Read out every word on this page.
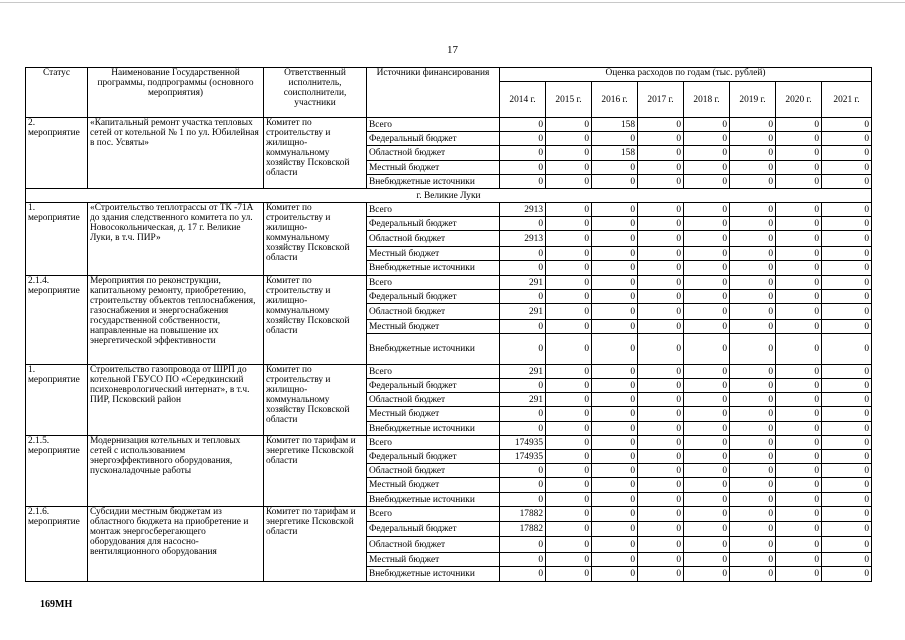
17
Статус	Наименование Государственной программы, подпрограммы (основного мероприятия)	Ответственный исполнитель, соисполнители, участники	Источники финансирования	Оценка расходов по годам (тыс. рублей)							
				2014 г.	2015 г.	2016 г.	2017 г.	2018 г.	2019 г.	2020 г.	2021 г.
2.
мероприятие	«Капитальный ремонт участка тепловых сетей от котельной № 1 по ул. Юбилейная в пос. Усвяты»	Комитет по строительству и жилищно-коммунальному хозяйству Псковской области	Всего	0	0	158	0	0	0	0	0
			Федеральный бюджет	0	0	0	0	0	0	0	0
			Областной бюджет	0	0	158	0	0	0	0	0
			Местный бюджет	0	0	0	0	0	0	0	0
			Внебюджетные источники	0	0	0	0	0	0	0	0
г. Великие Луки											
1.
мероприятие	«Строительство теплотрассы от ТК -71А до здания следственного комитета по ул. Новосокольническая, д. 17 г. Великие Луки, в т.ч. ПИР»	Комитет по строительству и жилищно-коммунальному хозяйству Псковской области	Всего	2913	0	0	0	0	0	0	0
			Федеральный бюджет	0	0	0	0	0	0	0	0
			Областной бюджет	2913	0	0	0	0	0	0	0
			Местный бюджет	0	0	0	0	0	0	0	0
			Внебюджетные источники	0	0	0	0	0	0	0	0
2.1.4.
мероприятие	Мероприятия по реконструкции, капитальному ремонту, приобретению, строительству объектов теплоснабжения, газоснабжения и энергоснабжения государственной собственности, направленные на повышение их энергетической эффективности	Комитет по строительству и жилищно-коммунальному хозяйству Псковской области	Всего	291	0	0	0	0	0	0	0
			Федеральный бюджет	0	0	0	0	0	0	0	0
			Областной бюджет	291	0	0	0	0	0	0	0
			Местный бюджет	0	0	0	0	0	0	0	0
			Внебюджетные источники	0	0	0	0	0	0	0	0
1.
мероприятие	Строительство газопровода от ШРП до котельной ГБУСО ПО «Середкинский психоневрологический интернат», в т.ч. ПИР, Псковский район	Комитет по строительству и жилищно-коммунальному хозяйству Псковской области	Всего	291	0	0	0	0	0	0	0
			Федеральный бюджет	0	0	0	0	0	0	0	0
			Областной бюджет	291	0	0	0	0	0	0	0
			Местный бюджет	0	0	0	0	0	0	0	0
			Внебюджетные источники	0	0	0	0	0	0	0	0
2.1.5.
мероприятие	Модернизация котельных и тепловых сетей с использованием энергоэффективного оборудования, пусконаладочные работы	Комитет по тарифам и энергетике Псковской области	Всего	174935	0	0	0	0	0	0	0
			Федеральный бюджет	174935	0	0	0	0	0	0	0
			Областной бюджет	0	0	0	0	0	0	0	0
			Местный бюджет	0	0	0	0	0	0	0	0
			Внебюджетные источники	0	0	0	0	0	0	0	0
2.1.6.
мероприятие	Субсидии местным бюджетам из областного бюджета на приобретение и монтаж энергосберегающего оборудования для насосно-вентиляционного оборудования	Комитет по тарифам и энергетике Псковской области	Всего	17882	0	0	0	0	0	0	0
			Федеральный бюджет	17882	0	0	0	0	0	0	0
			Областной бюджет	0	0	0	0	0	0	0	0
			Местный бюджет	0	0	0	0	0	0	0	0
			Внебюджетные источники	0	0	0	0	0	0	0	0
169МН
